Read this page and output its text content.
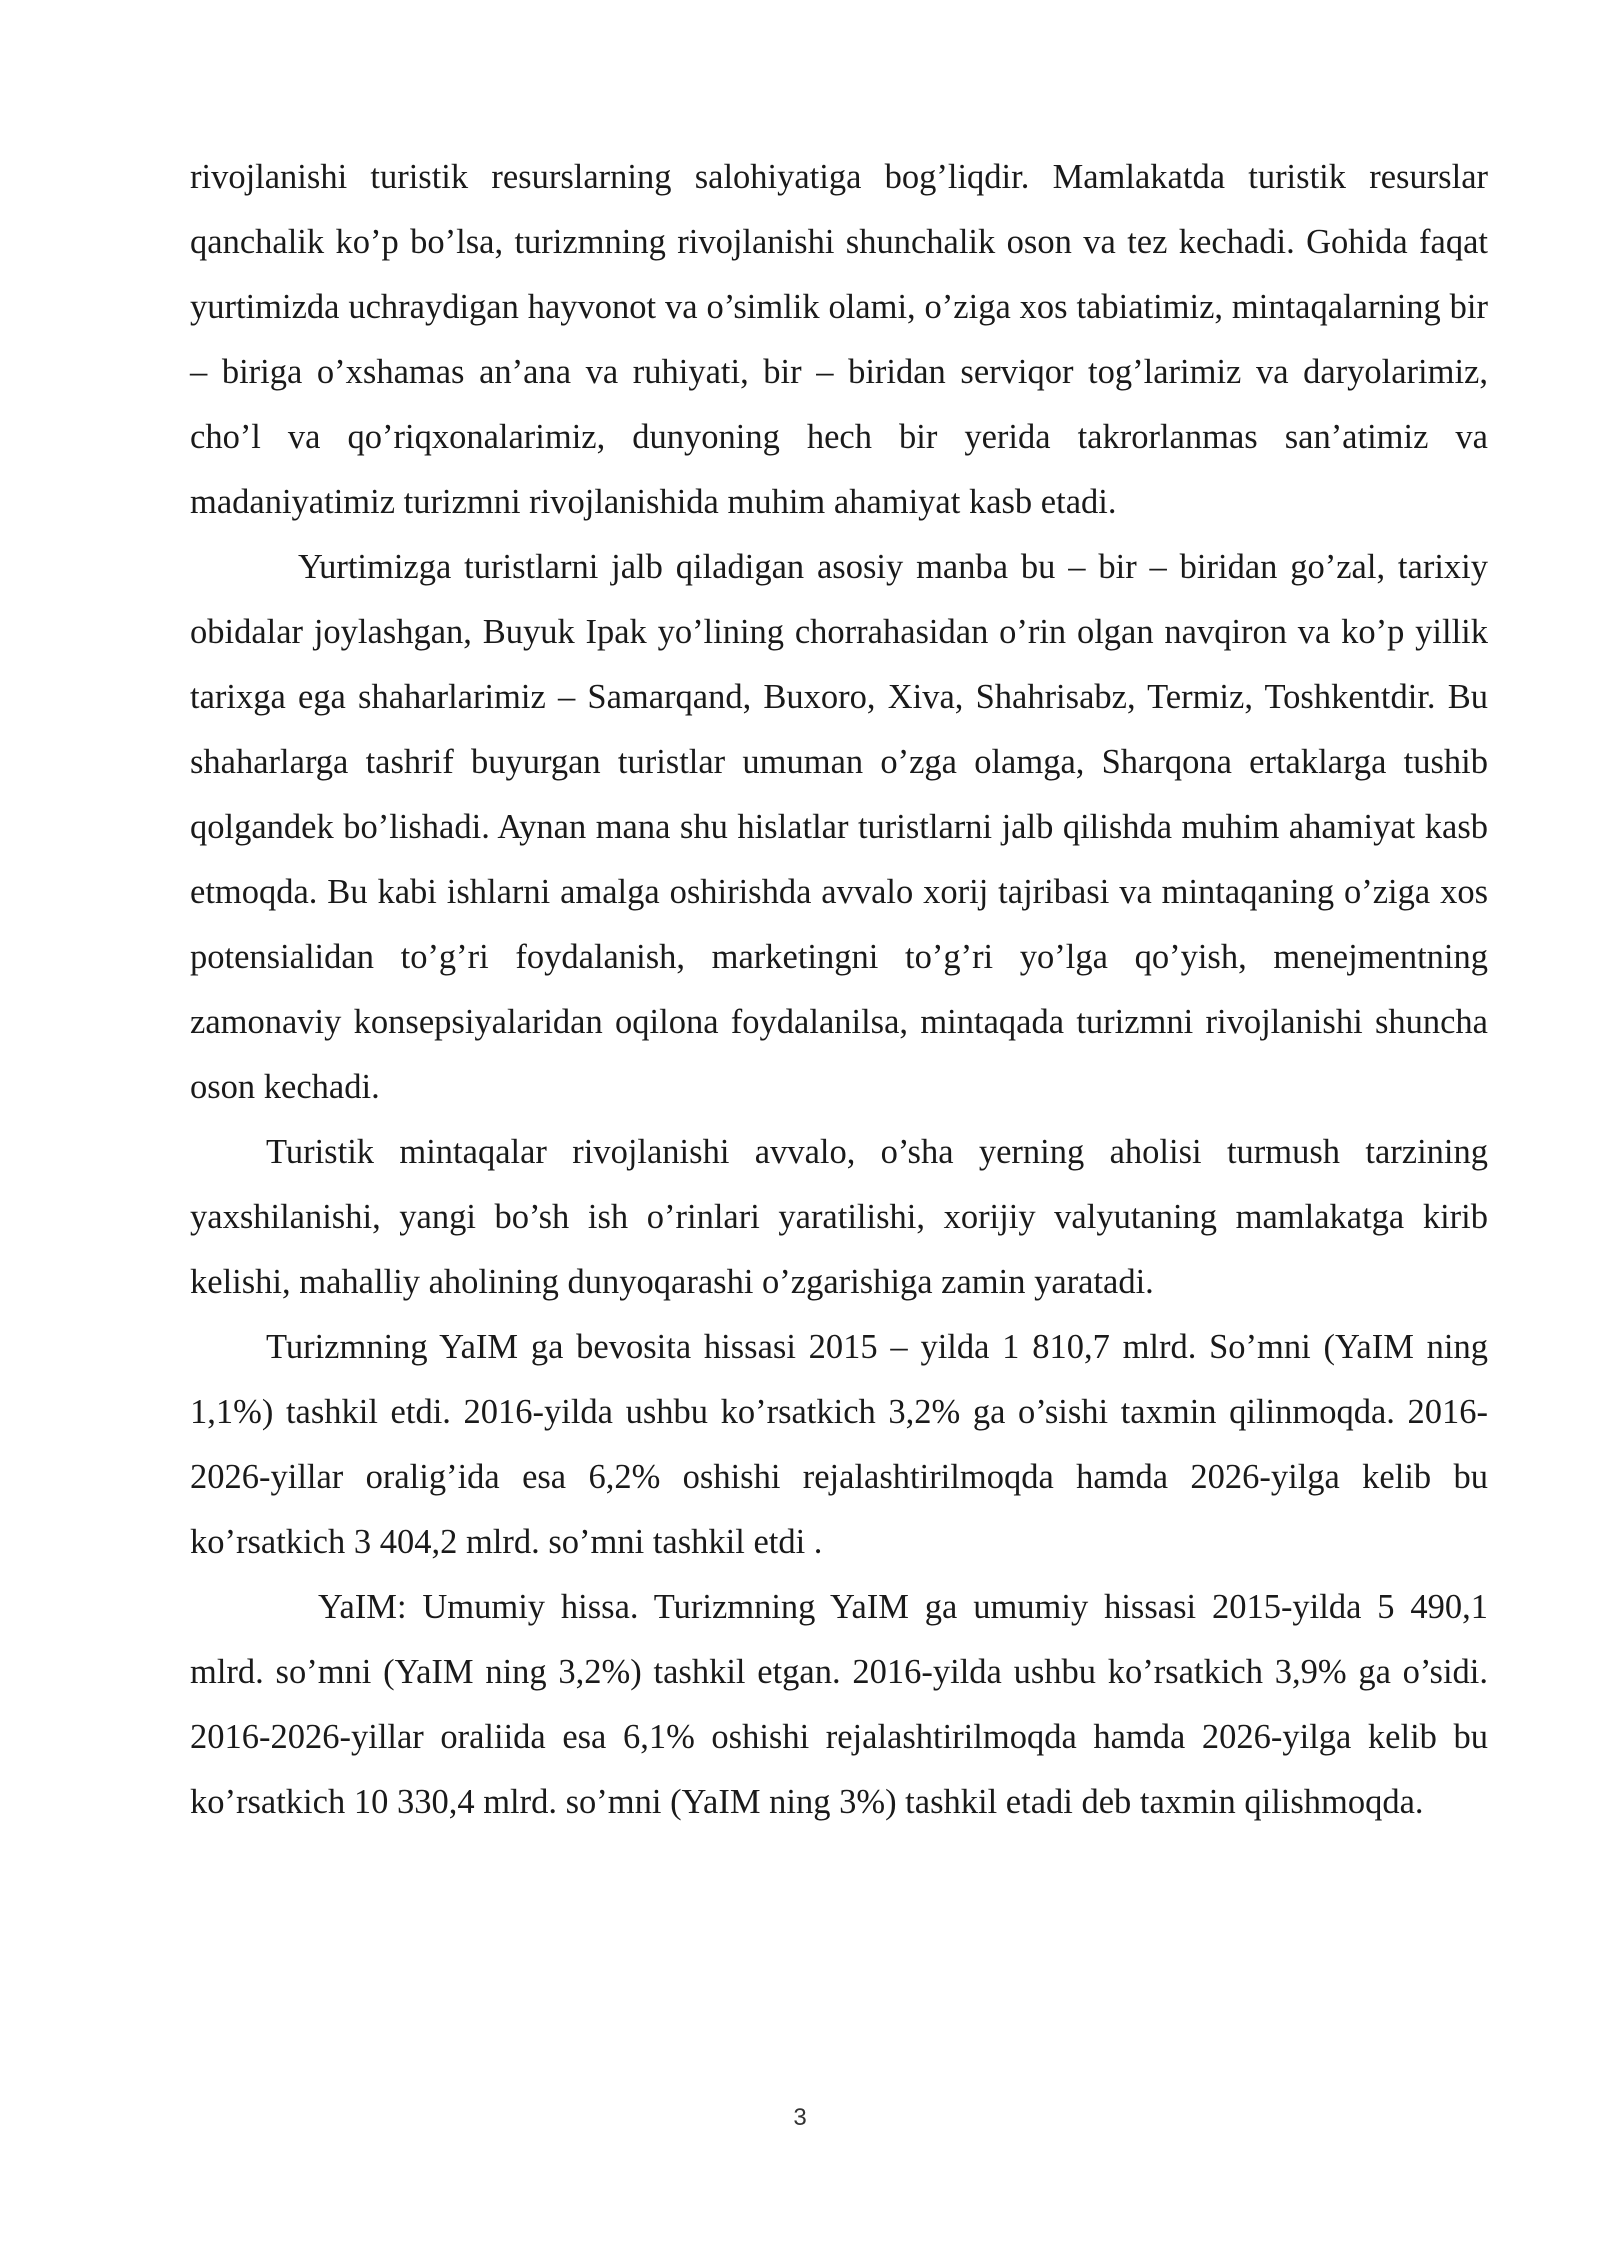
rivojlanishi turistik resurslarning salohiyatiga bog’liqdir. Mamlakatda turistik resurslar qanchalik ko’p bo’lsa, turizmning rivojlanishi shunchalik oson va tez kechadi. Gohida faqat yurtimizda uchraydigan hayvonot va o’simlik olami, o’ziga xos tabiatimiz, mintaqalarning bir – biriga o’xshamas an’ana va ruhiyati, bir – biridan serviqor tog’larimiz va daryolarimiz, cho’l va qo’riqxonalarimiz, dunyoning hech bir yerida takrorlanmas san’atimiz va madaniyatimiz turizmni rivojlanishida muhim ahamiyat kasb etadi.

Yurtimizga turistlarni jalb qiladigan asosiy manba bu – bir – biridan go’zal, tarixiy obidalar joylashgan, Buyuk Ipak yo’lining chorrahasidan o’rin olgan navqiron va ko’p yillik tarixga ega shaharlarimiz – Samarqand, Buxoro, Xiva, Shahrisabz, Termiz, Toshkentdir. Bu shaharlarga tashrif buyurgan turistlar umuman o’zga olamga, Sharqona ertaklarga tushib qolgandek bo’lishadi. Aynan mana shu hislatlar turistlarni jalb qilishda muhim ahamiyat kasb etmoqda. Bu kabi ishlarni amalga oshirishda avvalo xorij tajribasi va mintaqaning o’ziga xos potensialidan to’g’ri foydalanish, marketingni to’g’ri yo’lga qo’yish, menejmentning zamonaviy konsepsiyalaridan oqilona foydalanilsa, mintaqada turizmni rivojlanishi shuncha oson kechadi.

Turistik mintaqalar rivojlanishi avvalo, o’sha yerning aholisi turmush tarzining yaxshilanishi, yangi bo’sh ish o’rinlari yaratilishi, xorijiy valyutaning mamlakatga kirib kelishi, mahalliy aholining dunyoqarashi o’zgarishiga zamin yaratadi.

Turizmning YaIM ga bevosita hissasi 2015 – yilda 1 810,7 mlrd. So’mni (YaIM ning 1,1%) tashkil etdi. 2016-yilda ushbu ko’rsatkich 3,2% ga o’sishi taxmin qilinmoqda. 2016-2026-yillar oralig’ida esa 6,2% oshishi rejalashtirilmoqda hamda 2026-yilga kelib bu ko’rsatkich 3 404,2 mlrd. so’mni tashkil etdi .

YaIM: Umumiy hissa. Turizmning YaIM ga umumiy hissasi 2015-yilda 5 490,1 mlrd. so’mni (YaIM ning 3,2%) tashkil etgan. 2016-yilda ushbu ko’rsatkich 3,9% ga o’sidi. 2016-2026-yillar oraliida esa 6,1% oshishi rejalashtirilmoqda hamda 2026-yilga kelib bu ko’rsatkich 10 330,4 mlrd. so’mni (YaIM ning 3%) tashkil etadi deb taxmin qilishmoqda.

3
